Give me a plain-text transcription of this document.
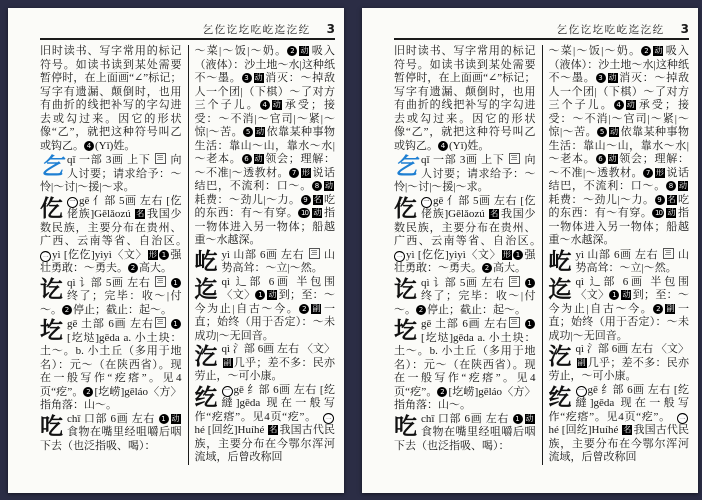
乞仡讫圪吃屹迄汔纥 3
旧时读书、写字常用的标记符号。如读书读到某处需要暂停时，在上面画“∠”标记；写字有遗漏、颠倒时，也用有曲折的线把补写的字勾进去或勾过来。因它的形状像“乙”，就把这种符号叫乙或钩乙。 4 (Yǐ)姓。
乞qǐ 一部 3画 上下  向人讨要；请求给予：～怜|～讨|～援|～求。
仡 一 gē 亻部 5画 左右 [仡佬族]Gēlǎozú 名 我国少数民族，主要分布在贵州、广西、云南等省、自治区。　二 yì [仡仡]yìyì〈文〉 形 1 强壮勇敢：～勇夫。 2 高大。
讫qì 讠部 5画 左右	1终了；完毕：收～|付～。 2 停止；截止：起～。
圪gē 土部 6画 左右	1[圪垯]gēda a. 小土块：土～。b. 小土丘（多用于地名）：元～（在陕西省）。现在一般写作“疙瘩”。见4页“疙”。 2 [圪崂]gēláo〈方〉指角落：山～。
吃chī 口部 6画 左右 1 动食物在嘴里经咀嚼后咽下去（也泛指吸、喝）：
～菜|～饭|～奶。 2 动 吸入（液体）：沙土地～水|这种纸不～墨。 3 动 消灭：～掉敌人一个团|（下棋）～了对方三个子儿。 4 动 承受；接受：～不消|～官司|～紧|～惊|～苦。 5 动 依靠某种事物生活：靠山～山，靠水～水|～老本。 6 动 领会；理解：～不准|～透教材。 7 形 说话结巴，不流利：口～。 8 动耗费：～劲儿|～力。 9 名 吃的东西：有～有穿。 10 动 指一物体进入另一物体；船越重～水越深。
屹yì 山部 6画 左右  山势高耸：～立|～然。
迄qì 辶部 6画 半包围 〈文〉 1 动 到；至：～今为止|自古～今。 2 副 一直；始终（用于否定）：～未成功|～无回音。
汔qì 氵部 6画 左右 〈文〉副 几乎；差不多：民亦劳止，～可小康。
纥 一 gē 纟部 6画 左右 [纥繨]gēda 现在一般写作“疙瘩”。见4页“疙”。　二hé [回纥]Huíhé 名 我国古代民族，主要分布在今鄂尔浑河流域，后曾改称回
乞仡讫圪吃屹迄汔纥 3
旧时读书、写字常用的标记符号。如读书读到某处需要暂停时，在上面画“∠”标记；写字有遗漏、颠倒时，也用有曲折的线把补写的字勾进去或勾过来。因它的形状像“乙”，就把这种符号叫乙或钩乙。 4 (Yǐ)姓。
乞qǐ 一部 3画 上下  向人讨要；请求给予：～怜|～讨|～援|～求。
仡 一 gē 亻部 5画 左右 [仡佬族]Gēlǎozú 名 我国少数民族，主要分布在贵州、广西、云南等省、自治区。　二 yì [仡仡]yìyì〈文〉 形 1 强壮勇敢：～勇夫。 2 高大。
讫qì 讠部 5画 左右	1终了；完毕：收～|付～。 2 停止；截止：起～。
圪gē 土部 6画 左右	1[圪垯]gēda a. 小土块：土～。b. 小土丘（多用于地名）：元～（在陕西省）。现在一般写作“疙瘩”。见4页“疙”。 2 [圪崂]gēláo〈方〉指角落：山～。
吃chī 口部 6画 左右 1 动食物在嘴里经咀嚼后咽下去（也泛指吸、喝）：
～菜|～饭|～奶。 2 动 吸入（液体）：沙土地～水|这种纸不～墨。 3 动 消灭：～掉敌人一个团|（下棋）～了对方三个子儿。 4 动 承受；接受：～不消|～官司|～紧|～惊|～苦。 5 动 依靠某种事物生活：靠山～山，靠水～水|～老本。 6 动 领会；理解：～不准|～透教材。 7 形 说话结巴，不流利：口～。 8 动耗费：～劲儿|～力。 9 名 吃的东西：有～有穿。 10 动 指一物体进入另一物体；船越重～水越深。
屹yì 山部 6画 左右  山势高耸：～立|～然。
迄qì 辶部 6画 半包围 〈文〉 1 动 到；至：～今为止|自古～今。 2 副 一直；始终（用于否定）：～未成功|～无回音。
汔qì 氵部 6画 左右 〈文〉副 几乎；差不多：民亦劳止，～可小康。
纥 一 gē 纟部 6画 左右 [纥繨]gēda 现在一般写作“疙瘩”。见4页“疙”。　二hé [回纥]Huíhé 名 我国古代民族，主要分布在今鄂尔浑河流域，后曾改称回
